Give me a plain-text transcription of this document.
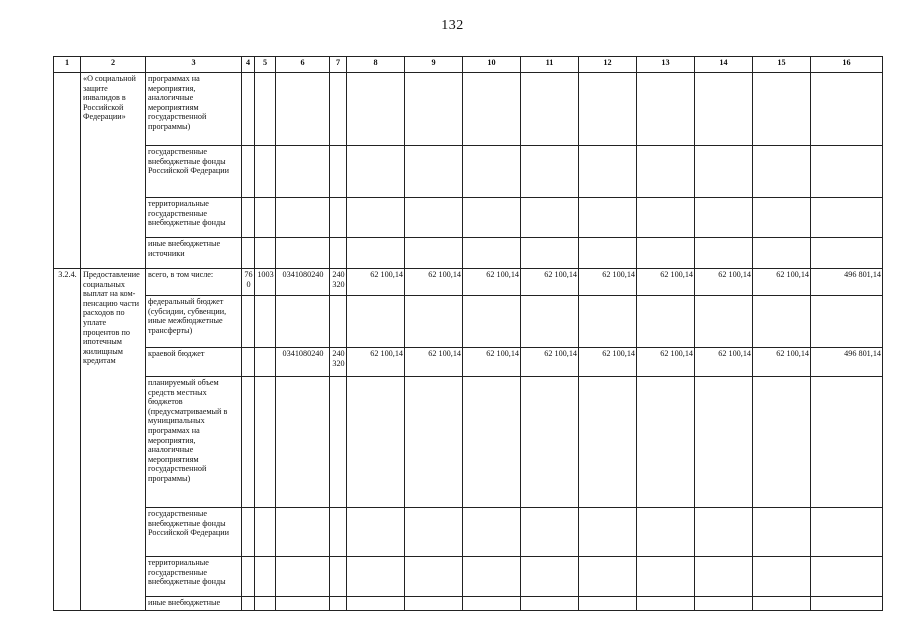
132
1	2	3	4	5	6	7	8	9	10	11	12	13	14	15	16
	«О социальной защите инвалидов в Российской Федерации»	программах на мероприятия, аналогичные мероприятиям государственной программы)													
		государственные внебюджетные фонды Российской Федерации													
		территориальные государственные внебюджетные фонды													
		иные внебюджетные источники													
3.2.4.	Предоставление социальных выплат на ком-пенсацию части расходов по уплате процентов по ипотечным жилищным кредитам	всего, в том числе:	760	1003	0341080240	240 320	62 100,14	62 100,14	62 100,14	62 100,14	62 100,14	62 100,14	62 100,14	62 100,14	496 801,14
		федеральный бюджет (субсидии, субвенции, иные межбюджетные трансферты)													
		краевой бюджет			0341080240	240 320	62 100,14	62 100,14	62 100,14	62 100,14	62 100,14	62 100,14	62 100,14	62 100,14	496 801,14
		планируемый объем средств местных бюджетов (предусматриваемый в муниципальных программах на мероприятия, аналогичные мероприятиям государственной программы)													
		государственные внебюджетные фонды Российской Федерации													
		территориальные государственные внебюджетные фонды													
		иные внебюджетные													
